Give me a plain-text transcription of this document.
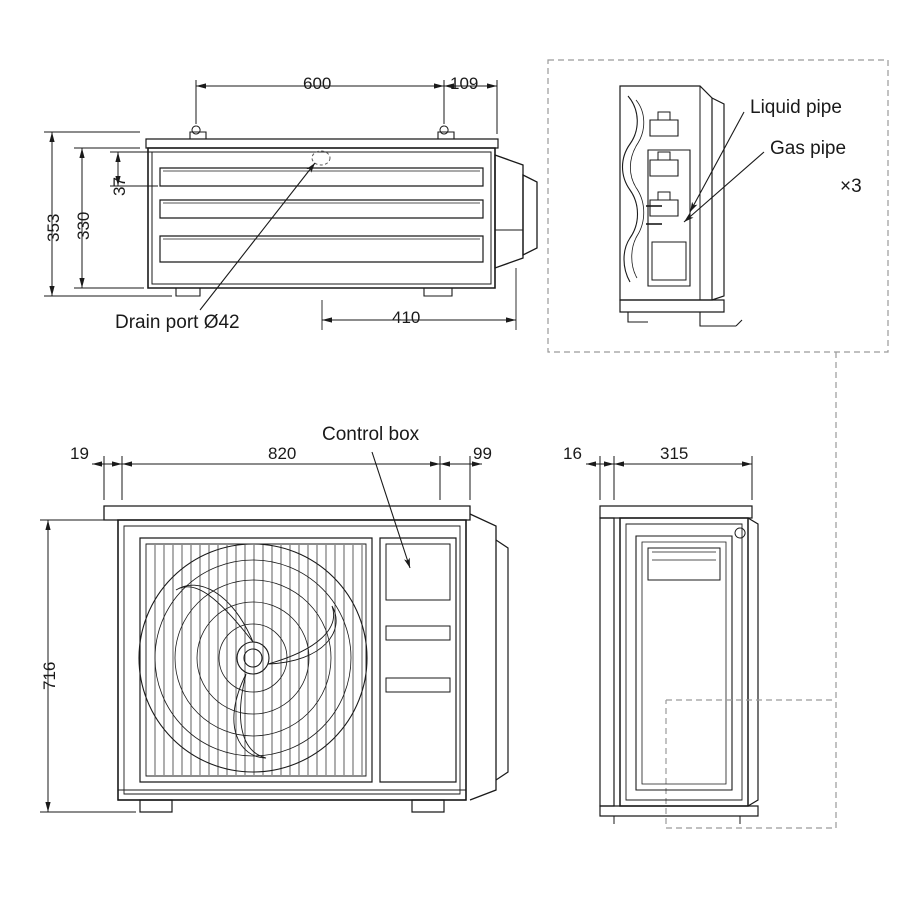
600	109
353 330
37
410
19	820	99
716
16	315
Drain port Ø42
Control box
Liquid pipe
Gas pipe
×3
